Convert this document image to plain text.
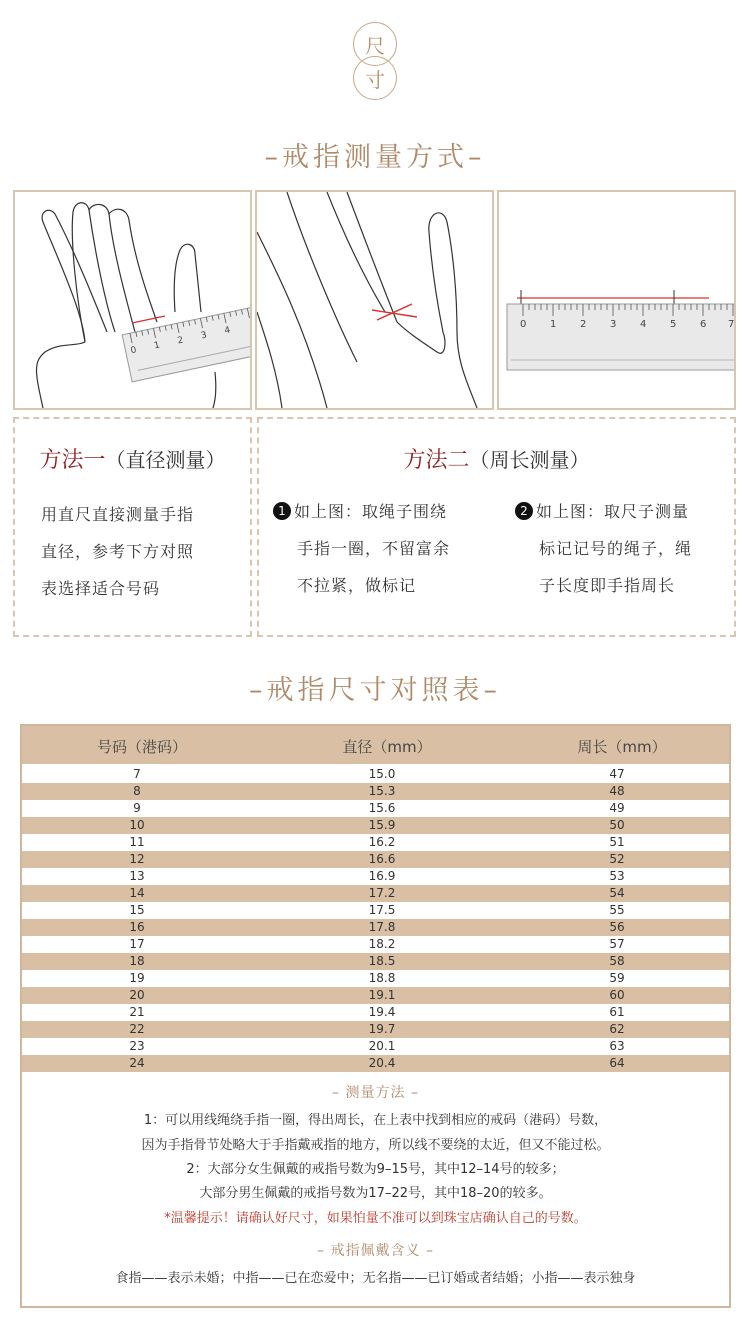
尺
寸
–戒指测量方式–
0 1 2 3 4
0 1 2 3 4 5 6 7
方法一（直径测量）
用直尺直接测量手指
直径，参考下方对照
表选择适合号码
方法二（周长测量）
1 如上图：取绳子围绕
手指一圈，不留富余
不拉紧，做标记
2 如上图：取尺子测量
标记记号的绳子，绳
子长度即手指周长
–戒指尺寸对照表–
号码（港码）	直径（mm）	周长（mm）
7	15.0	47
8	15.3	48
9	15.6	49
10	15.9	50
11	16.2	51
12	16.6	52
13	16.9	53
14	17.2	54
15	17.5	55
16	17.8	56
17	18.2	57
18	18.5	58
19	18.8	59
20	19.1	60
21	19.4	61
22	19.7	62
23	20.1	63
24	20.4	64
– 测量方法 –
1：可以用线绳绕手指一圈，得出周长，在上表中找到相应的戒码（港码）号数，
因为手指骨节处略大于手指戴戒指的地方，所以线不要绕的太近，但又不能过松。
2：大部分女生佩戴的戒指号数为9–15号，其中12–14号的较多；
大部分男生佩戴的戒指号数为17–22号，其中18–20的较多。
*温馨提示！请确认好尺寸，如果怕量不准可以到珠宝店确认自己的号数。
– 戒指佩戴含义 –
食指——表示未婚；中指——已在恋爱中；无名指——已订婚或者结婚；小指——表示独身
